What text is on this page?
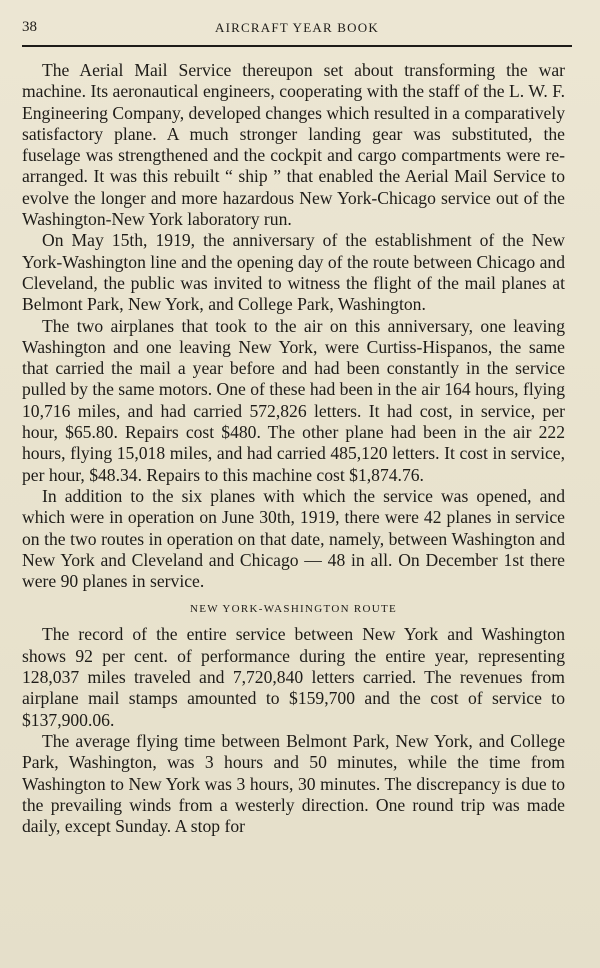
38	AIRCRAFT YEAR BOOK

The Aerial Mail Service thereupon set about transforming the war machine. Its aeronautical engineers, cooperating with the staff of the L. W. F. Engineering Company, developed changes which resulted in a comparatively satisfactory plane. A much stronger landing gear was substituted, the fuselage was strengthened and the cockpit and cargo compartments were re-arranged. It was this rebuilt “ ship ” that enabled the Aerial Mail Service to evolve the longer and more hazardous New York-Chicago service out of the Washington-New York laboratory run.

On May 15th, 1919, the anniversary of the establishment of the New York-Washington line and the opening day of the route between Chicago and Cleveland, the public was invited to witness the flight of the mail planes at Belmont Park, New York, and College Park, Washington.

The two airplanes that took to the air on this anniversary, one leaving Washington and one leaving New York, were Curtiss-Hispanos, the same that carried the mail a year before and had been constantly in the service pulled by the same motors. One of these had been in the air 164 hours, flying 10,716 miles, and had carried 572,826 letters. It had cost, in service, per hour, $65.80. Repairs cost $480. The other plane had been in the air 222 hours, flying 15,018 miles, and had carried 485,120 letters. It cost in service, per hour, $48.34. Repairs to this machine cost $1,874.76.

In addition to the six planes with which the service was opened, and which were in operation on June 30th, 1919, there were 42 planes in service on the two routes in operation on that date, namely, between Washington and New York and Cleveland and Chicago — 48 in all. On December 1st there were 90 planes in service.

NEW YORK-WASHINGTON ROUTE

The record of the entire service between New York and Washington shows 92 per cent. of performance during the entire year, representing 128,037 miles traveled and 7,720,840 letters carried. The revenues from airplane mail stamps amounted to $159,700 and the cost of service to $137,900.06.

The average flying time between Belmont Park, New York, and College Park, Washington, was 3 hours and 50 minutes, while the time from Washington to New York was 3 hours, 30 minutes. The discrepancy is due to the prevailing winds from a westerly direction. One round trip was made daily, except Sunday. A stop for
